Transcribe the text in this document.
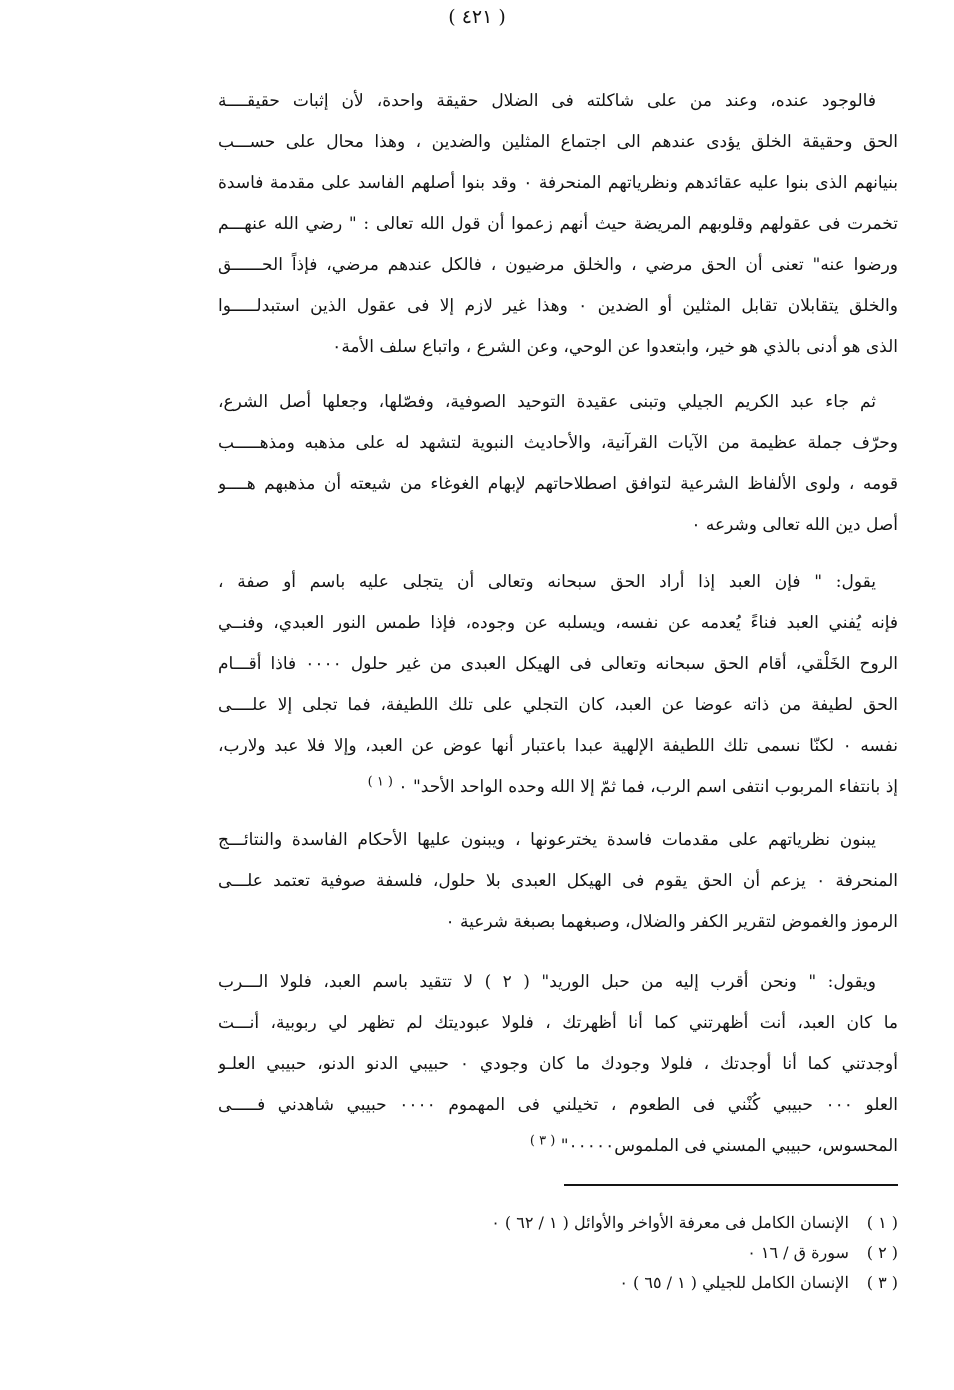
( ٤٢١ )
فالوجود عنده، وعند من على شاكلته فى الضلال حقيقة واحدة، لأن إثبات حقيقــــة
الحق وحقيقة الخلق يؤدى عندهم الى اجتماع المثلين والضدين ، وهذا محال على حســـب
بنيانهم الذى بنوا عليه عقائدهم ونظرياتهم المنحرفة ٠ وقد بنوا أصلهم الفاسد على مقدمة فاسدة
تخمرت فى عقولهم وقلوبهم المريضة حيث أنهم زعموا أن قول الله تعالى : " رضي الله عنهـــم
ورضوا عنه" تعنى أن الحق مرضي ، والخلق مرضيون ، فالكل عندهم مرضي، فإذاً الحــــــق
والخلق يتقابلان تقابل المثلين أو الضدين ٠ وهذا غير لازم إلا فى عقول الذين استبدلـــــوا
الذى هو أدنى بالذي هو خير، وابتعدوا عن الوحي، وعن الشرع ، واتباع سلف الأمة٠
ثم جاء عبد الكريم الجيلي وتبنى عقيدة التوحيد الصوفية، وفصّلها، وجعلها أصل الشرع،
وحرّف جملة عظيمة من الآيات القرآنية، والأحاديث النبوية لتشهد له على مذهبه ومذهـــــب
قومه ، ولوى الألفاظ الشرعية لتوافق اصطلاحاتهم لإبهام الغوغاء من شيعته أن مذهبهم هــــو
أصل دين الله تعالى وشرعه ٠
يقول: " فإن العبد إذا أراد الحق سبحانه وتعالى أن يتجلى عليه باسم أو صفة ،
فإنه يُفني العبد فناءً يُعدمه عن نفسه، ويسلبه عن وجوده، فإذا طمس النور العبدي، وفنــي
الروح الخَلْقي، أقام الحق سبحانه وتعالى فى الهيكل العبدى من غير حلول ٠٠٠٠ فاذا أقـــام
الحق لطيفة من ذاته عوضا عن العبد، كان التجلي على تلك اللطيفة، فما تجلى إلا علــــى
نفسه ٠ لكنّا نسمى تلك اللطيفة الإلهية عبدا باعتبار أنها عوض عن العبد، وإلا فلا عبد ولارب،
إذ بانتفاء المربوب انتفى اسم الرب، فما ثمّ إلا الله وحده الواحد الأحد" ٠ $^{( ١ )}$
يبنون نظرياتهم على مقدمات فاسدة يخترعونها ، ويبنون عليها الأحكام الفاسدة والنتائـــج
المنحرفة ٠ يزعم أن الحق يقوم فى الهيكل العبدى بلا حلول، فلسفة صوفية تعتمد علـــى
الرموز والغموض لتقرير الكفر والضلال، وصبغهما بصبغة شرعية ٠
ويقول: " ونحن أقرب إليه من حبل الوريد" ( ٢ ) لا تتقيد باسم العبد، فلولا الـــرب
ما كان العبد، أنت أظهرتني كما أنا أظهرتك ، فلولا عبوديتك لم تظهر لي ربوبية، أنـــت
أوجدتني كما أنا أوجدتك ، فلولا وجودك ما كان وجودي ٠ حبيبي الدنو الدنو، حبيبي العلـو
العلو ٠٠٠ حبيبي كُنْني فى الطعوم ، تخيلني فى المهموم ٠٠٠٠ حبيبي شاهدني فـــــى
المحسوس، حبيبي المسني فى الملموس٠٠٠٠٠" $^{( ٣ )}$
( ١ ) الإنسان الكامل فى معرفة الأواخر والأوائل ( ١ / ٦٢ ) ٠
( ٢ ) سورة ق / ١٦ ٠
( ٣ ) الإنسان الكامل للجيلي ( ١ / ٦٥ ) ٠
